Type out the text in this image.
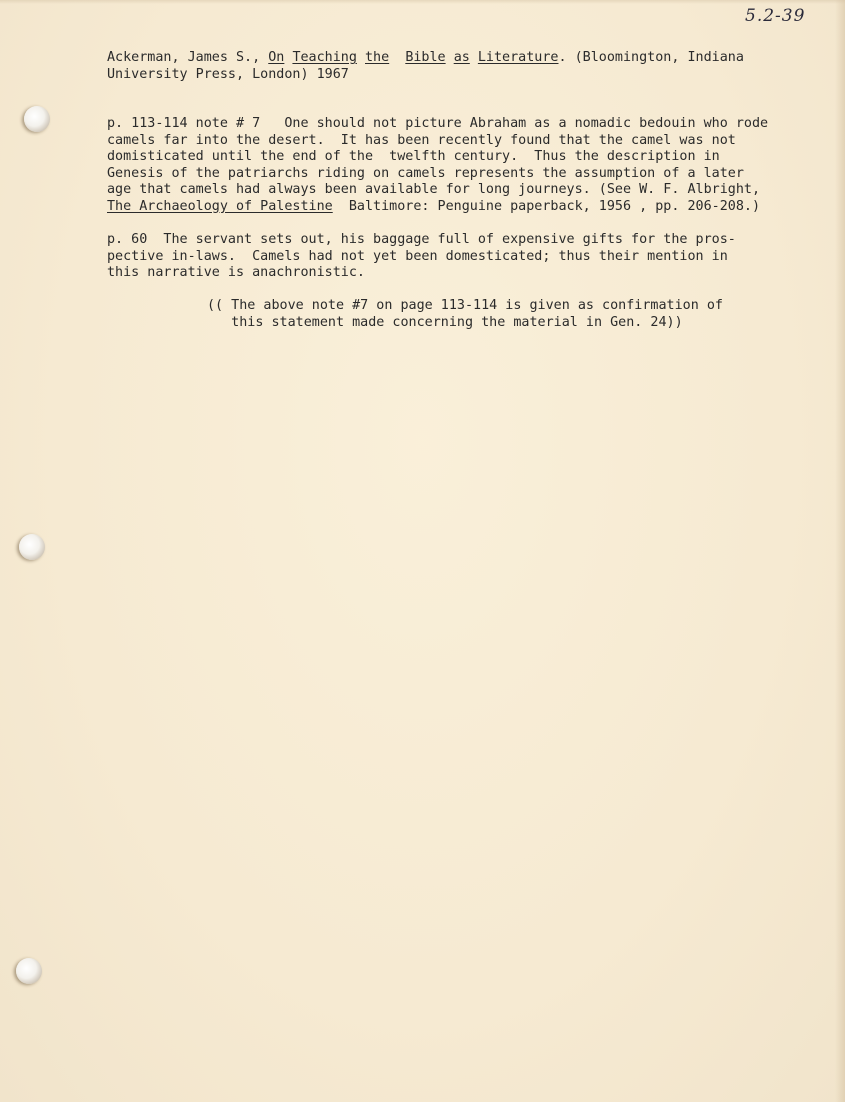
5.2-39
Ackerman, James S., On Teaching the Bible as Literature. (Bloomington, Indiana
University Press, London) 1967
p. 113-114 note # 7   One should not picture Abraham as a nomadic bedouin who rode
camels far into the desert.  It has been recently found that the camel was not
domisticated until the end of the  twelfth century.  Thus the description in
Genesis of the patriarchs riding on camels represents the assumption of a later
age that camels had always been available for long journeys. (See W. F. Albright,
The Archaeology of Palestine  Baltimore: Penguine paperback, 1956 , pp. 206-208.)
p. 60  The servant sets out, his baggage full of expensive gifts for the pros-
pective in-laws.  Camels had not yet been domesticated; thus their mention in
this narrative is anachronistic.
(( The above note #7 on page 113-114 is given as confirmation of
this statement made concerning the material in Gen. 24))
